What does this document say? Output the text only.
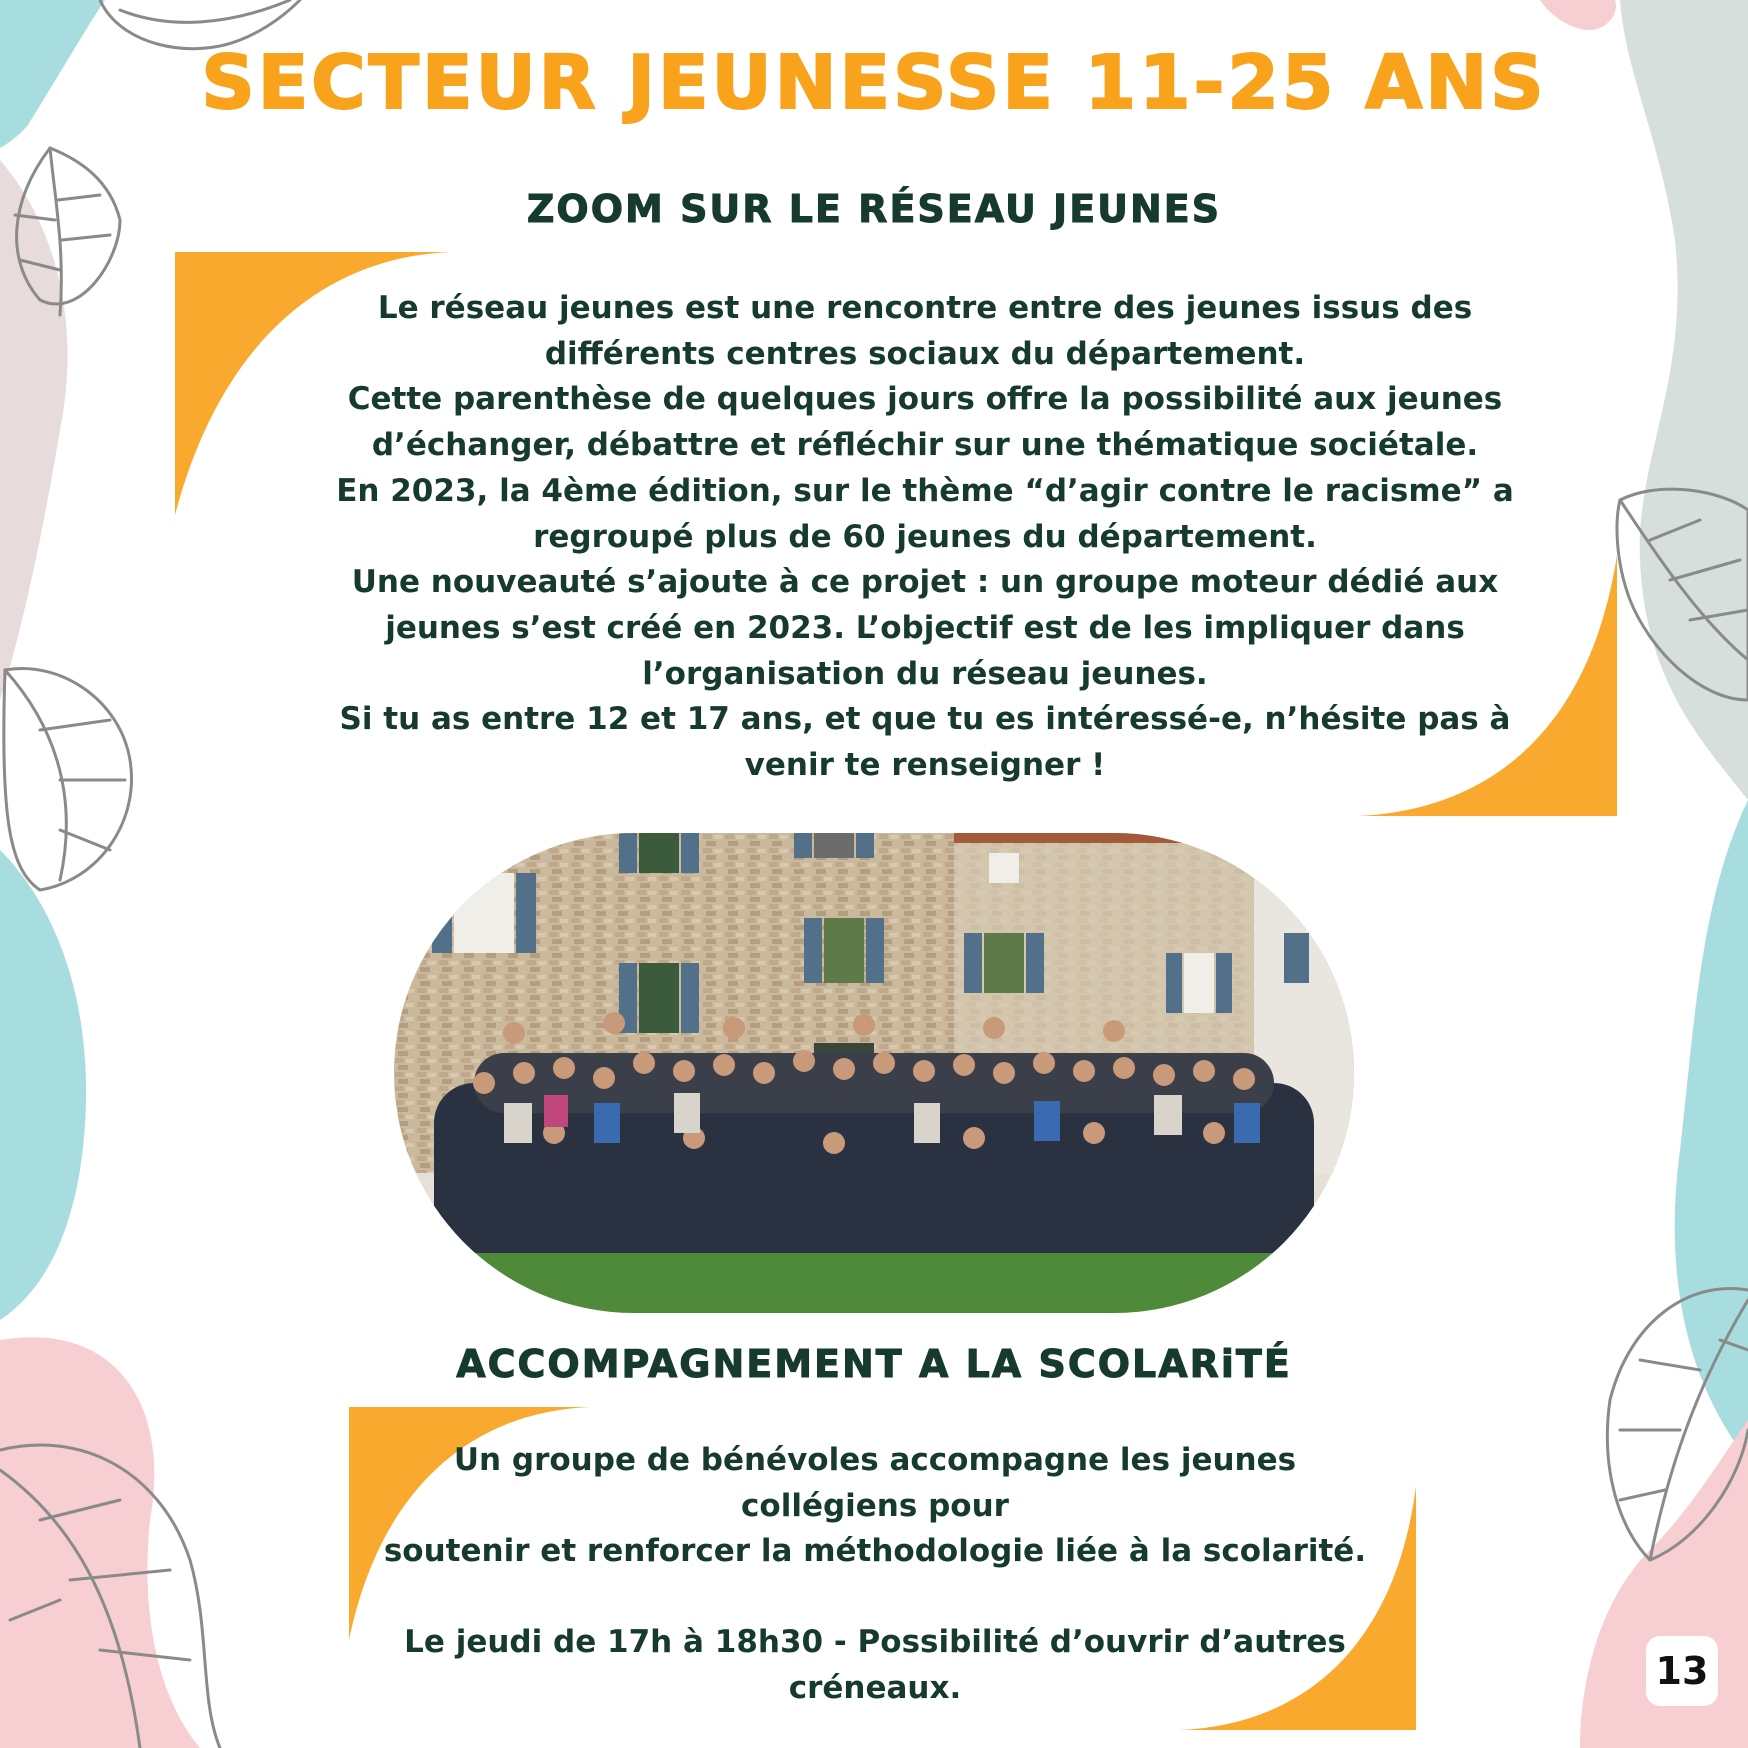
SECTEUR JEUNESSE 11-25 ANS
ZOOM SUR LE RÉSEAU JEUNES

Le réseau jeunes est une rencontre entre des jeunes issus des différents centres sociaux du département.

Cette parenthèse de quelques jours offre la possibilité aux jeunes d’échanger, débattre et réfléchir sur une thématique sociétale.

En 2023, la 4ème édition, sur le thème “d’agir contre le racisme” a regroupé plus de 60 jeunes du département.

Une nouveauté s’ajoute à ce projet : un groupe moteur dédié aux jeunes s’est créé en 2023. L’objectif est de les impliquer dans l’organisation du réseau jeunes.

Si tu as entre 12 et 17 ans, et que tu es intéressé-e, n’hésite pas à venir te renseigner !

ACCOMPAGNEMENT A LA SCOLARiTÉ

Un groupe de bénévoles accompagne les jeunes collégiens pour

soutenir et renforcer la méthodologie liée à la scolarité.

Le jeudi de 17h à 18h30 - Possibilité d’ouvrir d’autres créneaux.	13
